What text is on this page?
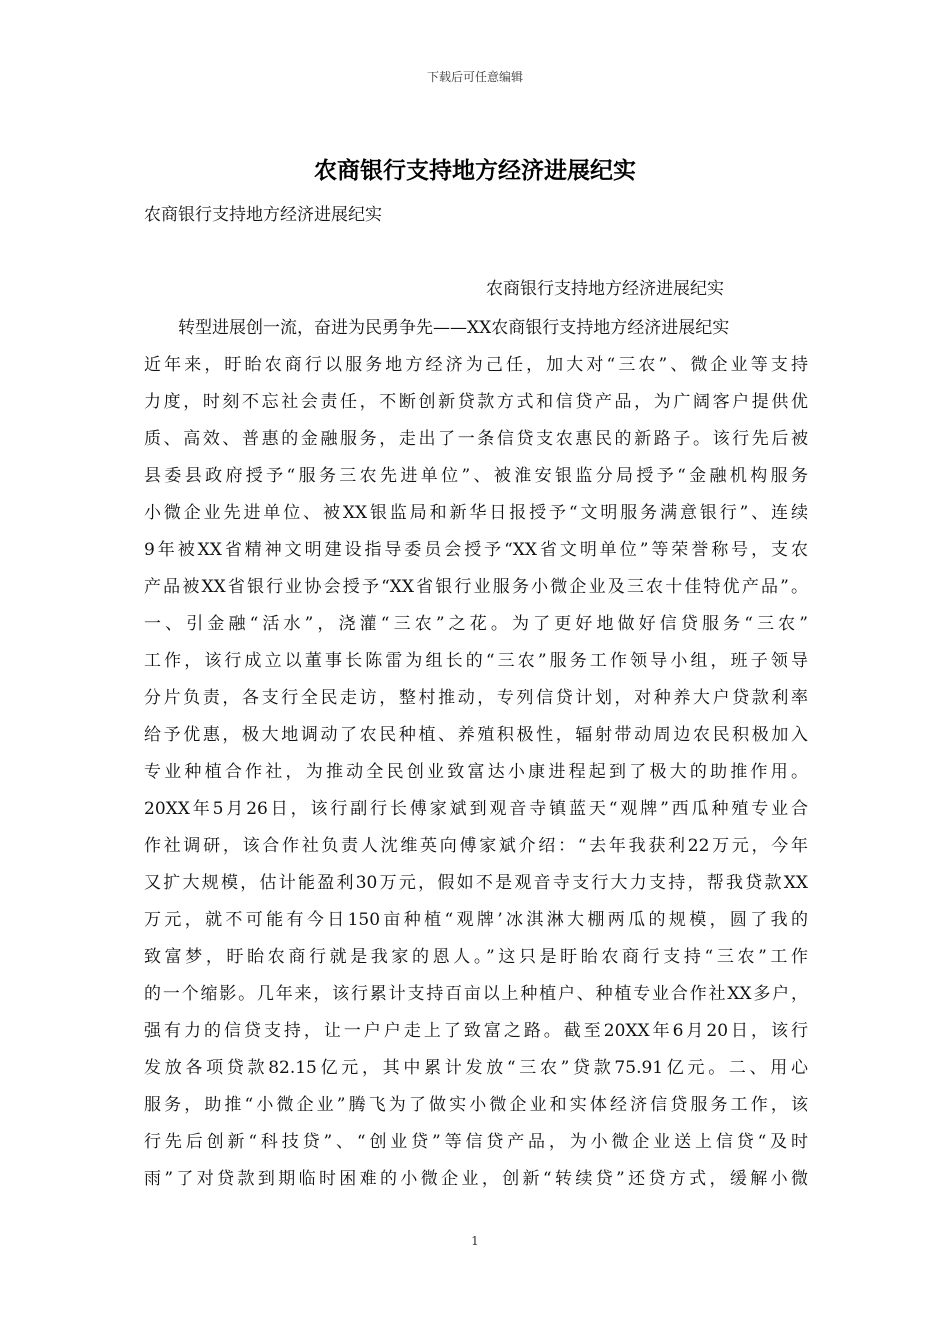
下载后可任意编辑
农商银行支持地方经济进展纪实
农商银行支持地方经济进展纪实
农商银行支持地方经济进展纪实
　　转型进展创一流，奋进为民勇争先——XX农商银行支持地方经济进展纪实
近年来，盱眙农商行以服务地方经济为己任，加大对“三农”、微企业等支持
力度，时刻不忘社会责任，不断创新贷款方式和信贷产品，为广阔客户提供优
质、高效、普惠的金融服务，走出了一条信贷支农惠民的新路子。该行先后被
县委县政府授予“服务三农先进单位”、被淮安银监分局授予“金融机构服务
小微企业先进单位、被XX银监局和新华日报授予“文明服务满意银行”、连续
9年被XX省精神文明建设指导委员会授予“XX省文明单位”等荣誉称号，支农
产品被XX省银行业协会授予“XX省银行业服务小微企业及三农十佳特优产品”。
一、引金融“活水”，浇灌“三农”之花。为了更好地做好信贷服务“三农”
工作，该行成立以董事长陈雷为组长的“三农”服务工作领导小组，班子领导
分片负责，各支行全民走访，整村推动，专列信贷计划，对种养大户贷款利率
给予优惠，极大地调动了农民种植、养殖积极性，辐射带动周边农民积极加入
专业种植合作社，为推动全民创业致富达小康进程起到了极大的助推作用。
20XX年5月26日，该行副行长傅家斌到观音寺镇蓝天“观牌”西瓜种殖专业合
作社调研，该合作社负责人沈维英向傅家斌介绍：“去年我获利22万元，今年
又扩大规模，估计能盈利30万元，假如不是观音寺支行大力支持，帮我贷款XX
万元，就不可能有今日150亩种植“观牌’冰淇淋大棚两瓜的规模，圆了我的
致富梦，盱眙农商行就是我家的恩人。”这只是盱眙农商行支持“三农”工作
的一个缩影。几年来，该行累计支持百亩以上种植户、种植专业合作社XX多户，
强有力的信贷支持，让一户户走上了致富之路。截至20XX年6月20日，该行
发放各项贷款82.15亿元，其中累计发放“三农”贷款75.91亿元。二、用心
服务，助推“小微企业”腾飞为了做实小微企业和实体经济信贷服务工作，该
行先后创新“科技贷”、“创业贷”等信贷产品，为小微企业送上信贷“及时
雨”了对贷款到期临时困难的小微企业，创新“转续贷”还贷方式，缓解小微
1
